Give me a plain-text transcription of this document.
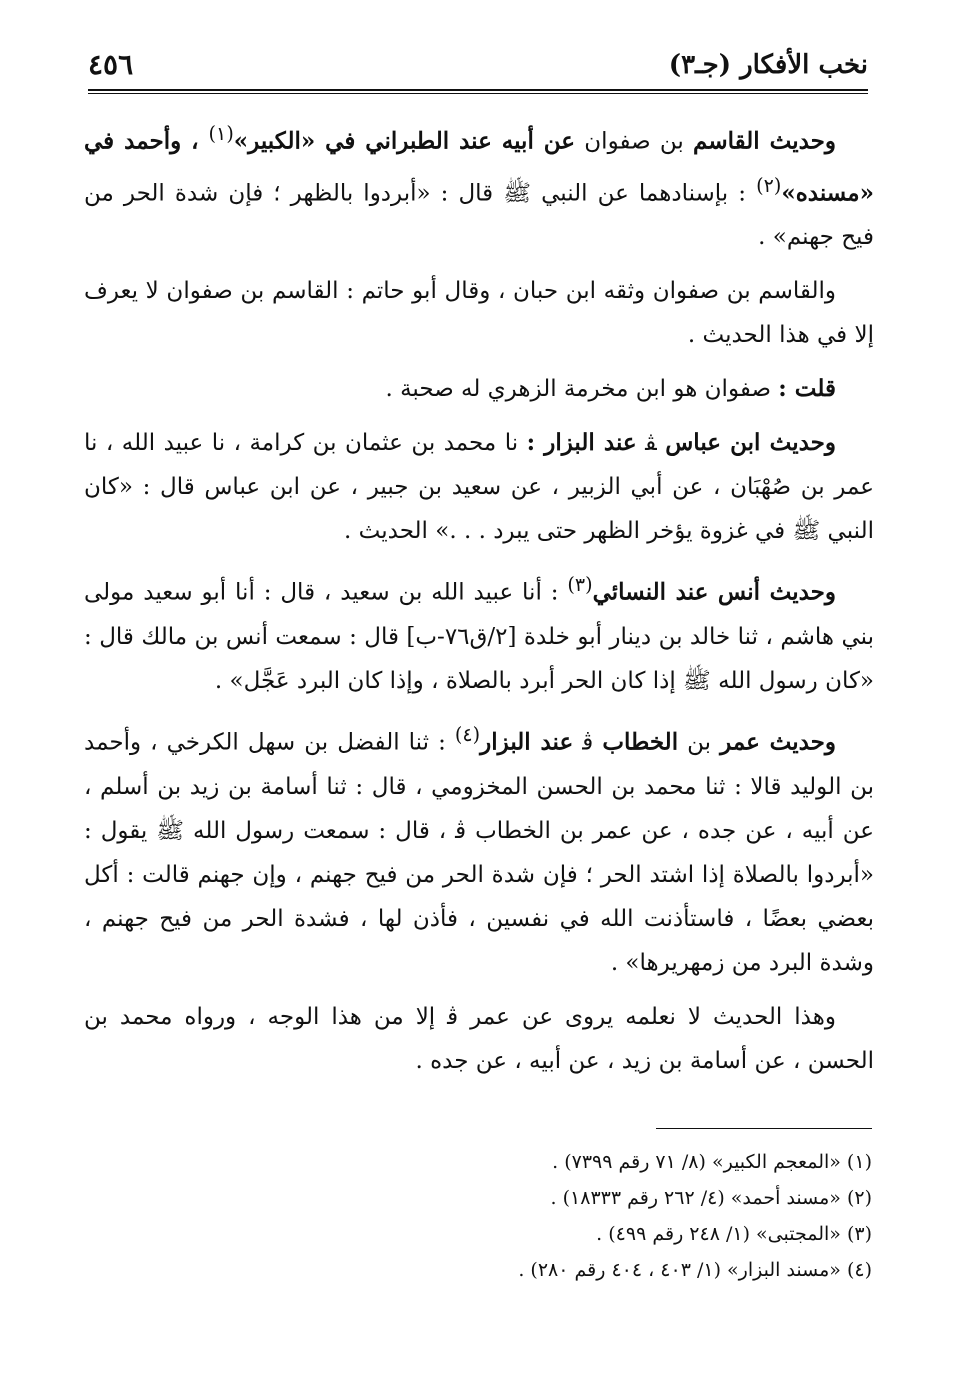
نخب الأفكار (جـ٣)
٤٥٦

وحديث القاسم بن صفوان عن أبيه عند الطبراني في «الكبير»$^{(١)}$ ، وأحمد في «مسنده»$^{(٢)}$ : بإسنادهما عن النبي ﷺ قال : «أبردوا بالظهر ؛ فإن شدة الحر من فيح جهنم» .

والقاسم بن صفوان وثقه ابن حبان ، وقال أبو حاتم : القاسم بن صفوان لا يعرف إلا في هذا الحديث .

قلت : صفوان هو ابن مخرمة الزهري له صحبة .

وحديث ابن عباس ﭭ عند البزار : نا محمد بن عثمان بن كرامة ، نا عبيد الله ، نا عمر بن صُهْبَان ، عن أبي الزبير ، عن سعيد بن جبير ، عن ابن عباس قال : «كان النبي ﷺ في غزوة يؤخر الظهر حتى يبرد . . .» الحديث .

وحديث أنس عند النسائي$^{(٣)}$ : أنا عبيد الله بن سعيد ، قال : أنا أبو سعيد مولى بني هاشم ، ثنا خالد بن دينار أبو خلدة [٢/ق٧٦-ب] قال : سمعت أنس بن مالك قال : «كان رسول الله ﷺ إذا كان الحر أبرد بالصلاة ، وإذا كان البرد عَجَّل» .

وحديث عمر بن الخطاب ﭬ عند البزار$^{(٤)}$ : ثنا الفضل بن سهل الكرخي ، وأحمد بن الوليد قالا : ثنا محمد بن الحسن المخزومي ، قال : ثنا أسامة بن زيد بن أسلم ، عن أبيه ، عن جده ، عن عمر بن الخطاب ﭬ ، قال : سمعت رسول الله ﷺ يقول : «أبردوا بالصلاة إذا اشتد الحر ؛ فإن شدة الحر من فيح جهنم ، وإن جهنم قالت : أكل بعضي بعضًا ، فاستأذنت الله في نفسين ، فأذن لها ، فشدة الحر من فيح جهنم ، وشدة البرد من زمهريرها» .

وهذا الحديث لا نعلمه يروى عن عمر ﭬ إلا من هذا الوجه ، ورواه محمد بن الحسن ، عن أسامة بن زيد ، عن أبيه ، عن جده .

(١) «المعجم الكبير» (٨/ ٧١ رقم ٧٣٩٩) .

(٢) «مسند أحمد» (٤/ ٢٦٢ رقم ١٨٣٣٣) .

(٣) «المجتبى» (١/ ٢٤٨ رقم ٤٩٩) .

(٤) «مسند البزار» (١/ ٤٠٣ ، ٤٠٤ رقم ٢٨٠) .
